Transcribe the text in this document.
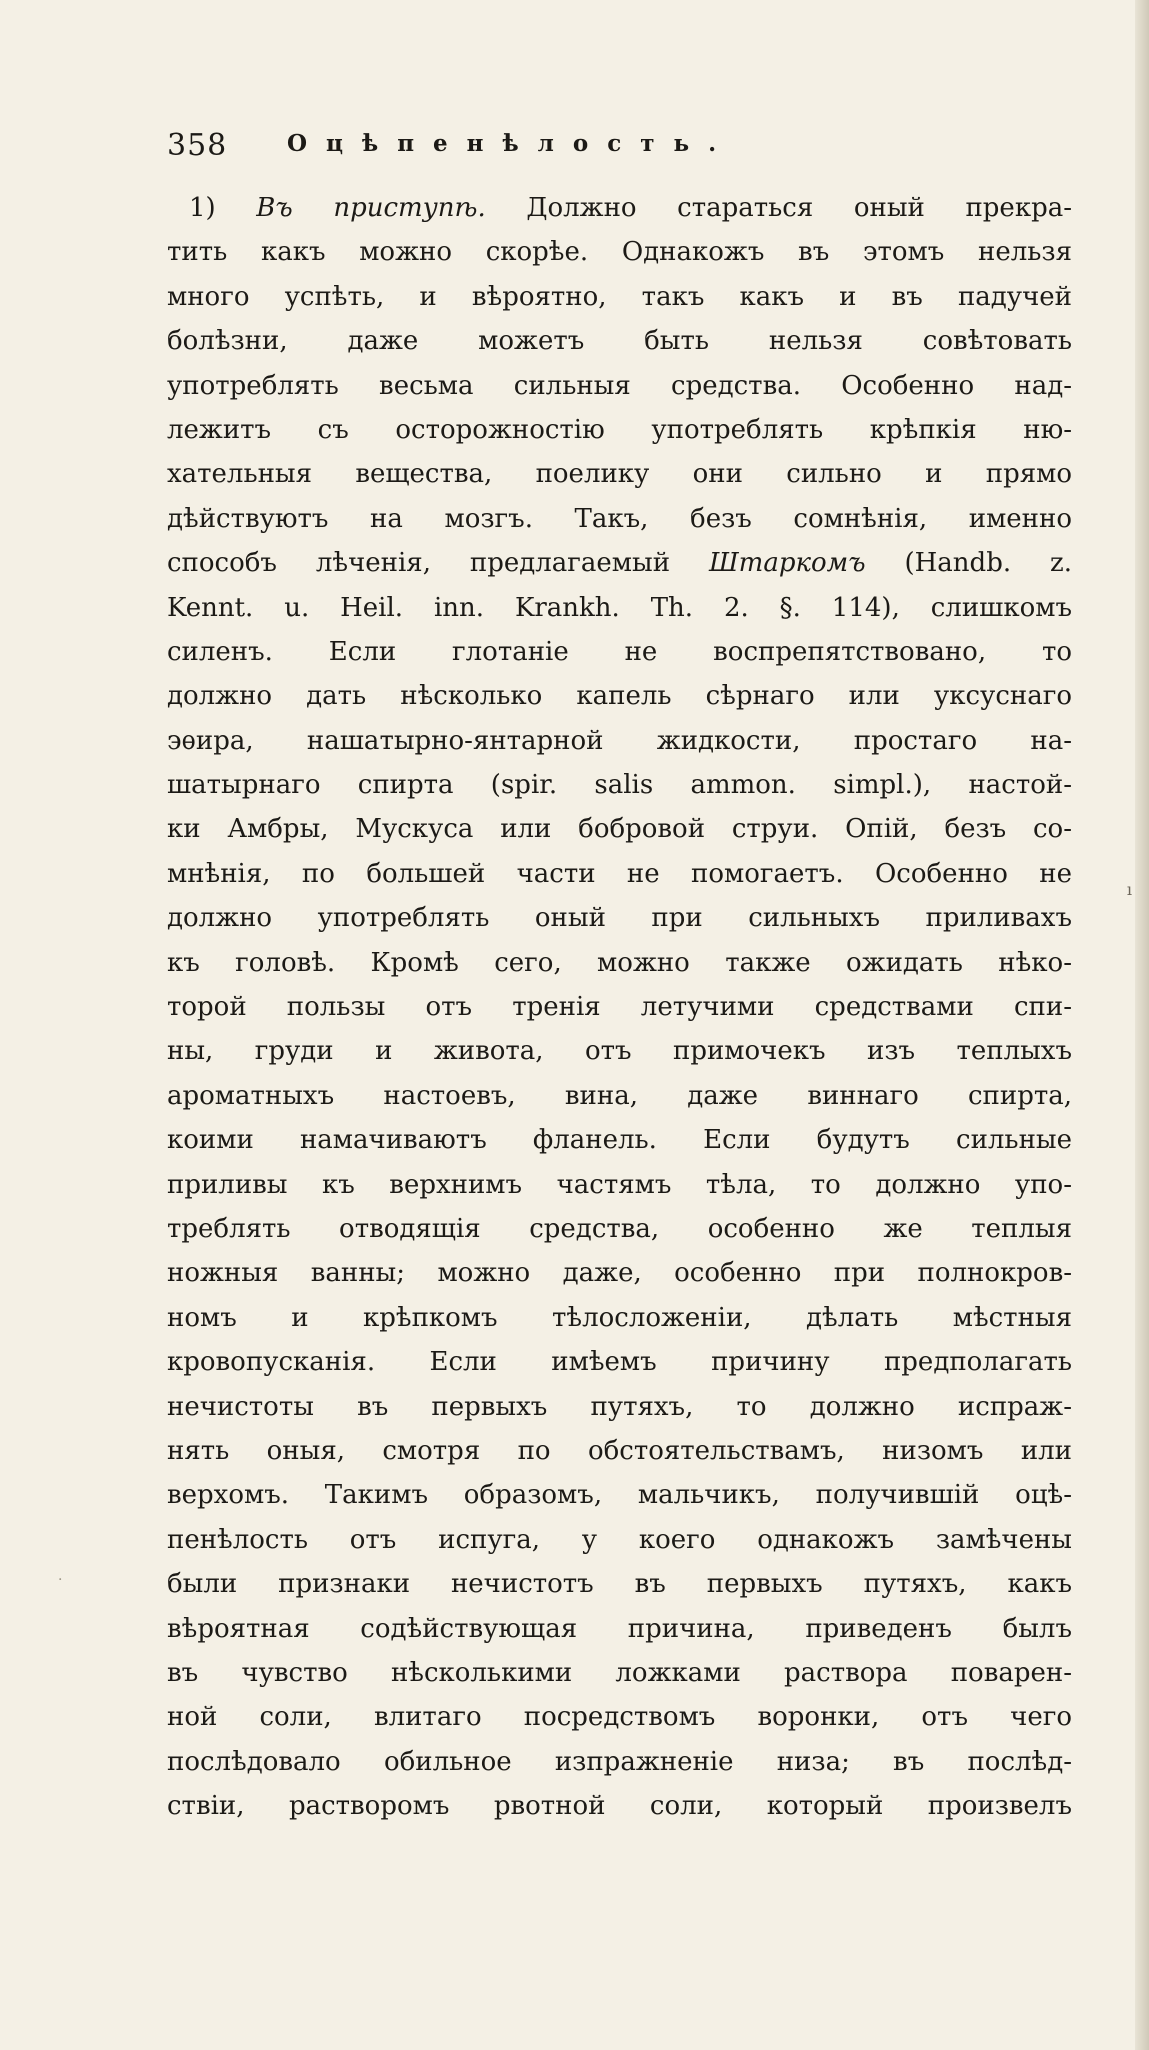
358	Оцѣпенѣлость.
1) Въ приступѣ. Должно стараться оный прекра-
тить какъ можно скорѣе. Однакожъ въ этомъ нельзя
много успѣть, и вѣроятно, такъ какъ и въ падучей
болѣзни, даже можетъ быть нельзя совѣтовать
употреблять весьма сильныя средства. Особенно над-
лежитъ съ осторожностію употреблять крѣпкія ню-
хательныя вещества, поелику они сильно и прямо
дѣйствуютъ на мозгъ. Такъ, безъ сомнѣнія, именно
способъ лѣченія, предлагаемый Штаркомъ (Handb. z.
Kennt. u. Heil. inn. Krankh. Th. 2. §. 114), слишкомъ
силенъ. Если глотаніе не воспрепятствовано, то
должно дать нѣсколько капель сѣрнаго или уксуснаго
эѳира, нашатырно-янтарной жидкости, простаго на-
шатырнаго спирта (spir. salis ammon. simpl.), настой-
ки Амбры, Мускуса или бобровой струи. Опій, безъ со-
мнѣнія, по большей части не помогаетъ. Особенно не
должно употреблять оный при сильныхъ приливахъ
къ головѣ. Кромѣ сего, можно также ожидать нѣко-
торой пользы отъ тренія летучими средствами спи-
ны, груди и живота, отъ примочекъ изъ теплыхъ
ароматныхъ настоевъ, вина, даже виннаго спирта,
коими намачиваютъ фланель. Если будутъ сильные
приливы къ верхнимъ частямъ тѣла, то должно упо-
треблять отводящія средства, особенно же теплыя
ножныя ванны; можно даже, особенно при полнокров-
номъ и крѣпкомъ тѣлосложеніи, дѣлать мѣстныя
кровопусканія. Если имѣемъ причину предполагать
нечистоты въ первыхъ путяхъ, то должно испраж-
нять оныя, смотря по обстоятельствамъ, низомъ или
верхомъ. Такимъ образомъ, мальчикъ, получившій оцѣ-
пенѣлость отъ испуга, у коего однакожъ замѣчены
были признаки нечистотъ въ первыхъ путяхъ, какъ
вѣроятная содѣйствующая причина, приведенъ былъ
въ чувство нѣсколькими ложками раствора поварен-
ной соли, влитаго посредствомъ воронки, отъ чего
послѣдовало обильное изпражненіе низа; въ послѣд-
ствіи, растворомъ рвотной соли, который произвелъ
ı
·
